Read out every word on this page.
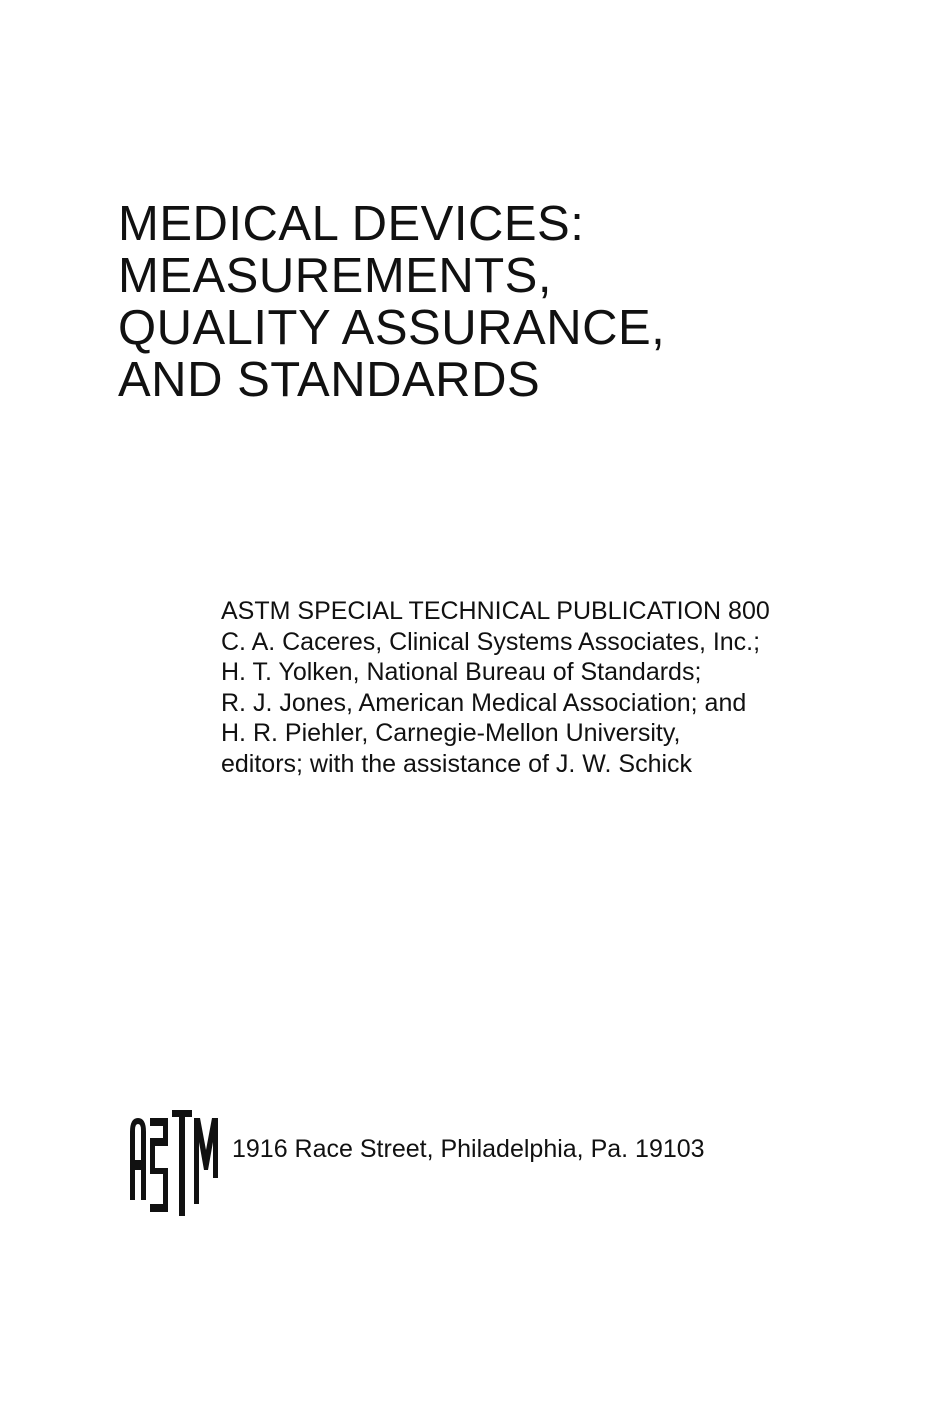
MEDICAL DEVICES:
MEASUREMENTS,
QUALITY ASSURANCE,
AND STANDARDS
ASTM SPECIAL TECHNICAL PUBLICATION 800
C. A. Caceres, Clinical Systems Associates, Inc.;
H. T. Yolken, National Bureau of Standards;
R. J. Jones, American Medical Association; and
H. R. Piehler, Carnegie-Mellon University,
editors; with the assistance of J. W. Schick
1916 Race Street, Philadelphia, Pa. 19103
